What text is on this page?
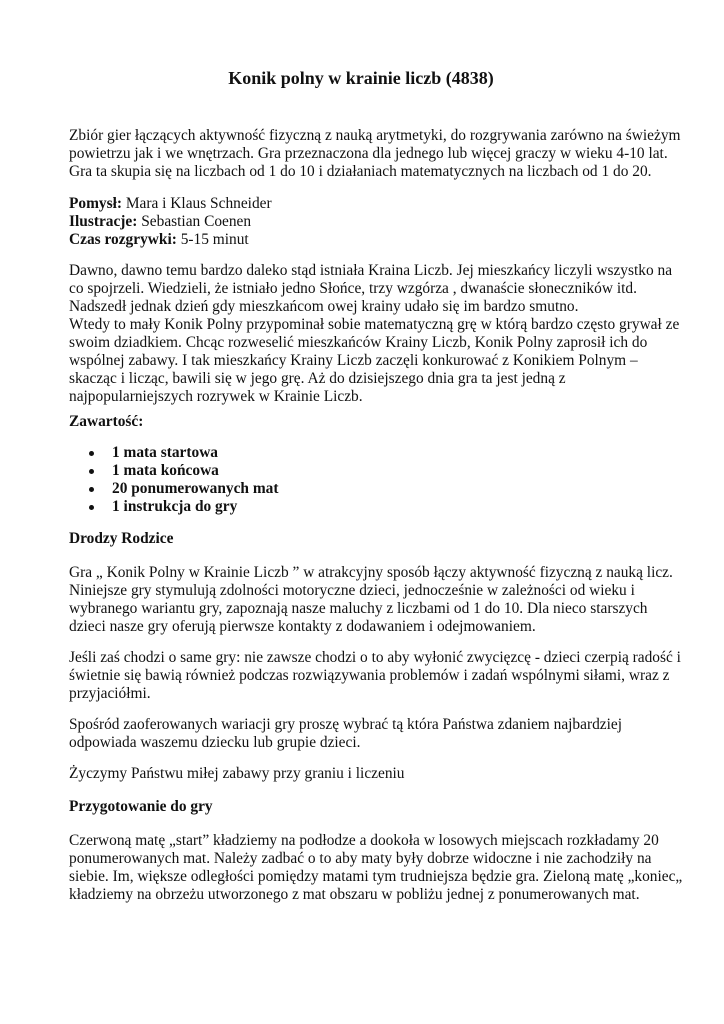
Konik polny w krainie liczb (4838)

Zbiór gier łączących aktywność fizyczną z nauką arytmetyki, do rozgrywania zarówno na świeżym
powietrzu jak i we wnętrzach. Gra przeznaczona dla jednego lub więcej graczy w wieku 4-10 lat.
Gra ta skupia się na liczbach od 1 do 10 i działaniach matematycznych na liczbach od 1 do 20.

Pomysł: Mara i Klaus Schneider
Ilustracje: Sebastian Coenen
Czas rozgrywki: 5-15 minut

Dawno, dawno temu bardzo daleko stąd istniała Kraina Liczb. Jej mieszkańcy liczyli wszystko na
co spojrzeli. Wiedzieli, że istniało jedno Słońce, trzy wzgórza , dwanaście słoneczników itd.
Nadszedł jednak dzień gdy mieszkańcom owej krainy udało się im bardzo smutno.
Wtedy to mały Konik Polny przypominał sobie matematyczną grę w którą bardzo często grywał ze
swoim dziadkiem. Chcąc rozweselić mieszkańców Krainy Liczb, Konik Polny zaprosił ich do
wspólnej zabawy. I tak mieszkańcy Krainy Liczb zaczęli konkurować z Konikiem Polnym –
skacząc i licząc, bawili się w jego grę. Aż do dzisiejszego dnia gra ta jest jedną z
najpopularniejszych rozrywek w Krainie Liczb.

Zawartość:
1 mata startowa
1 mata końcowa
20 ponumerowanych mat
1 instrukcja do gry
Drodzy Rodzice

Gra „ Konik Polny w Krainie Liczb ” w atrakcyjny sposób łączy aktywność fizyczną z nauką licz.
Niniejsze gry stymulują zdolności motoryczne dzieci, jednocześnie w zależności od wieku i
wybranego wariantu gry, zapoznają nasze maluchy z liczbami od 1 do 10. Dla nieco starszych
dzieci nasze gry oferują pierwsze kontakty z dodawaniem i odejmowaniem.

Jeśli zaś chodzi o same gry: nie zawsze chodzi o to aby wyłonić zwycięzcę - dzieci czerpią radość i
świetnie się bawią również podczas rozwiązywania problemów i zadań wspólnymi siłami, wraz z
przyjaciółmi.

Spośród zaoferowanych wariacji gry proszę wybrać tą która Państwa zdaniem najbardziej
odpowiada waszemu dziecku lub grupie dzieci.

Życzymy Państwu miłej zabawy przy graniu i liczeniu

Przygotowanie do gry

Czerwoną matę „start” kładziemy na podłodze a dookoła w losowych miejscach rozkładamy 20
ponumerowanych mat. Należy zadbać o to aby maty były dobrze widoczne i nie zachodziły na
siebie. Im, większe odległości pomiędzy matami tym trudniejsza będzie gra. Zieloną matę „koniec„
kładziemy na obrzeżu utworzonego z mat obszaru w pobliżu jednej z ponumerowanych mat.
